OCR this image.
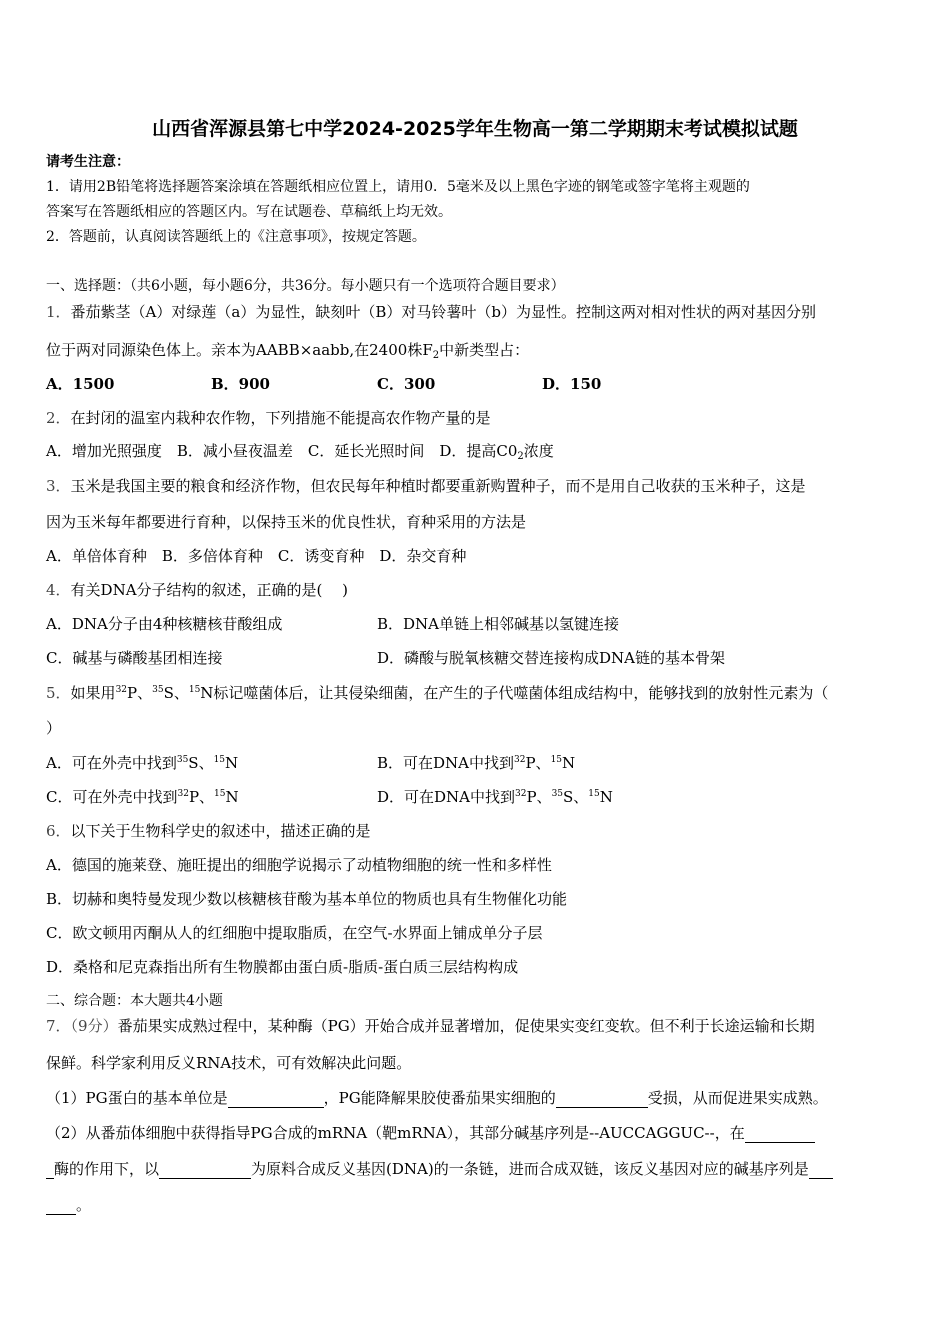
山西省浑源县第七中学2024-2025学年生物高一第二学期期末考试模拟试题
请考生注意：
1．请用2B铅笔将选择题答案涂填在答题纸相应位置上，请用0．5毫米及以上黑色字迹的钢笔或签字笔将主观题的
答案写在答题纸相应的答题区内。写在试题卷、草稿纸上均无效。
2．答题前，认真阅读答题纸上的《注意事项》，按规定答题。
一、选择题：（共6小题，每小题6分，共36分。每小题只有一个选项符合题目要求）
1．番茄紫茎（A）对绿莲（a）为显性，缺刻叶（B）对马铃薯叶（b）为显性。控制这两对相对性状的两对基因分别
位于两对同源染色体上。亲本为AABB×aabb,在2400株$F_2$中新类型占：
A．1500	B．900	C．300	D．150
2．在封闭的温室内栽种农作物，下列措施不能提高农作物产量的是
A．增加光照强度　B．减小昼夜温差　C．延长光照时间　D．提高$C0_2$浓度
3．玉米是我国主要的粮食和经济作物，但农民每年种植时都要重新购置种子，而不是用自己收获的玉米种子，这是
因为玉米每年都要进行育种，以保持玉米的优良性状，育种采用的方法是
A．单倍体育种　B．多倍体育种　C．诱变育种　D．杂交育种
4．有关DNA分子结构的叙述，正确的是(　 )
A．DNA分子由4种核糖核苷酸组成	B．DNA单链上相邻碱基以氢键连接
C．碱基与磷酸基团相连接	D．磷酸与脱氧核糖交替连接构成DNA链的基本骨架
5．如果用$^{32}$P、$^{35}$S、$^{15}$N标记噬菌体后，让其侵染细菌，在产生的子代噬菌体组成结构中，能够找到的放射性元素为（
）
A．可在外壳中找到$^{35}$S、$^{15}$N	B．可在DNA中找到$^{32}$P、$^{15}$N
C．可在外壳中找到$^{32}$P、$^{15}$N	D．可在DNA中找到$^{32}$P、$^{35}$S、$^{15}$N
6．以下关于生物科学史的叙述中，描述正确的是
A．德国的施莱登、施旺提出的细胞学说揭示了动植物细胞的统一性和多样性
B．切赫和奥特曼发现少数以核糖核苷酸为基本单位的物质也具有生物催化功能
C．欧文顿用丙酮从人的红细胞中提取脂质，在空气-水界面上铺成单分子层
D．桑格和尼克森指出所有生物膜都由蛋白质-脂质-蛋白质三层结构构成
二、综合题：本大题共4小题
7．（9分）番茄果实成熟过程中，某种酶（PG）开始合成并显著增加，促使果实变红变软。但不利于长途运输和长期
保鲜。科学家利用反义RNA技术，可有效解决此问题。
（1）PG蛋白的基本单位是	，PG能降解果胶使番茄果实细胞的	受损，从而促进果实成熟。
（2）从番茄体细胞中获得指导PG合成的mRNA（靶mRNA），其部分碱基序列是--AUCCAGGUC--，在
酶的作用下，以	为原料合成反义基因(DNA)的一条链，进而合成双链，该反义基因对应的碱基序列是
。
